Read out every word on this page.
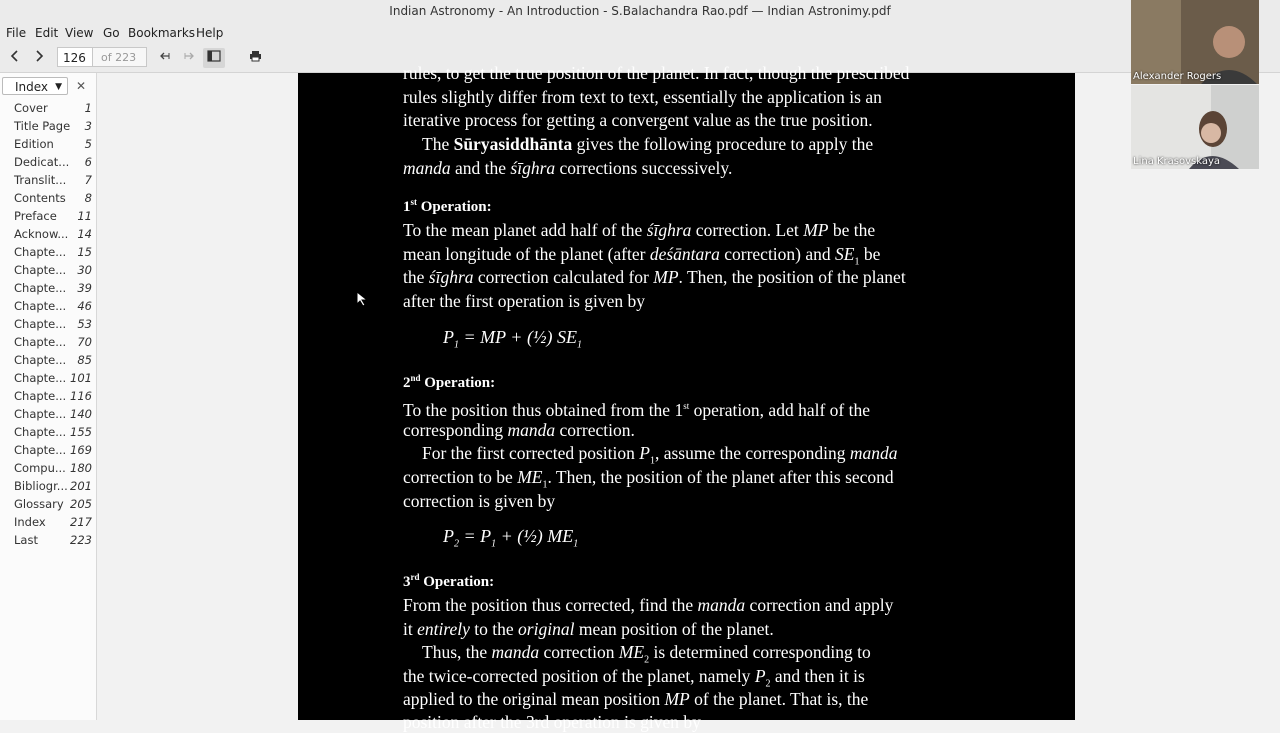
Indian Astronomy - An Introduction - S.Balachandra Rao.pdf — Indian Astronimy.pdf
File Edit View Go Bookmarks Help
126	of 223
Index ▼ ✕
Cover	1
Title Page 3
Edition	5
Dedicat... 6
Translit... 7
Contents 8
Preface 11
Acknow... 14
Chapte... 15
Chapte... 30
Chapte... 39
Chapte... 46
Chapte... 53
Chapte... 70
Chapte... 85
Chapte... 101
Chapte... 116
Chapte... 140
Chapte... 155
Chapte... 169
Compu... 180
Bibliogr... 201
Glossary 205
Index 217
Last	223
rules, to get the true position of the planet. In fact, though the prescribed
rules slightly differ from text to text, essentially the application is an
iterative process for getting a convergent value as the true position.
The Sūryasiddhānta gives the following procedure to apply the
manda and the śīghra corrections successively.
1st Operation:
To the mean planet add half of the śīghra correction. Let MP be the
mean longitude of the planet (after deśāntara correction) and $SE_1$ be
the śīghra correction calculated for MP. Then, the position of the planet
after the first operation is given by
$P_1$ = MP + (½) $SE_1$
2nd Operation:
To the position thus obtained from the 1st operation, add half of the
corresponding manda correction.
For the first corrected position $P_1$, assume the corresponding manda
correction to be $ME_1$. Then, the position of the planet after this second
correction is given by
$P_2 = P_1$ + (½) $ME_1$
3rd Operation:
From the position thus corrected, find the manda correction and apply
it entirely to the original mean position of the planet.
Thus, the manda correction $ME_2$ is determined corresponding to
the twice-corrected position of the planet, namely $P_2$ and then it is
applied to the original mean position MP of the planet. That is, the
position after the 3rd operation is given by
Alexander Rogers
Lina Krasovskaya
